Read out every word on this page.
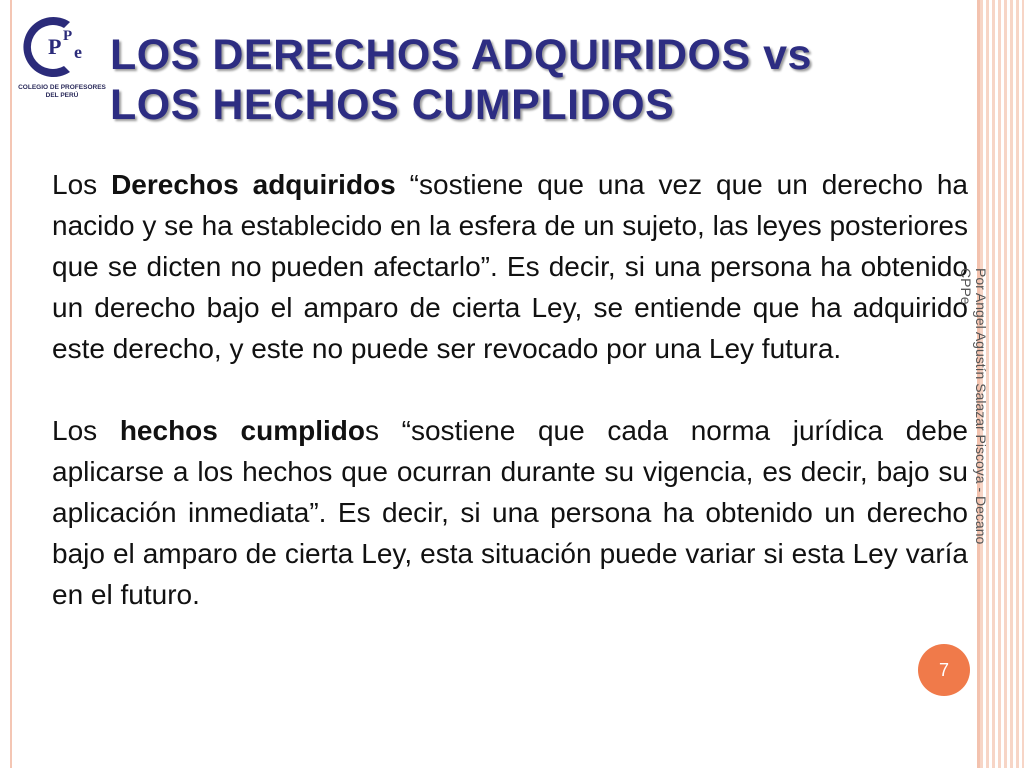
P P
e
COLEGIO DE PROFESORES
DEL PERÚ
LOS DERECHOS ADQUIRIDOS vs
LOS HECHOS CUMPLIDOS

Los Derechos adquiridos “sostiene que una vez que un derecho ha nacido y se ha establecido en la esfera de un sujeto, las leyes posteriores que se dicten no pueden afectarlo”. Es decir, si una persona ha obtenido un derecho bajo el amparo de cierta Ley, se entiende que ha adquirido este derecho, y este no puede ser revocado por una Ley futura.

Los hechos cumplidos “sostiene que cada norma jurídica debe aplicarse a los hechos que ocurran durante su vigencia, es decir, bajo su aplicación inmediata”. Es decir, si una persona ha obtenido un derecho bajo el amparo de cierta Ley, esta situación puede variar si esta Ley varía en el futuro.

Por Angel Agustín Salazar Piscoya - Decano
CPPe
7
